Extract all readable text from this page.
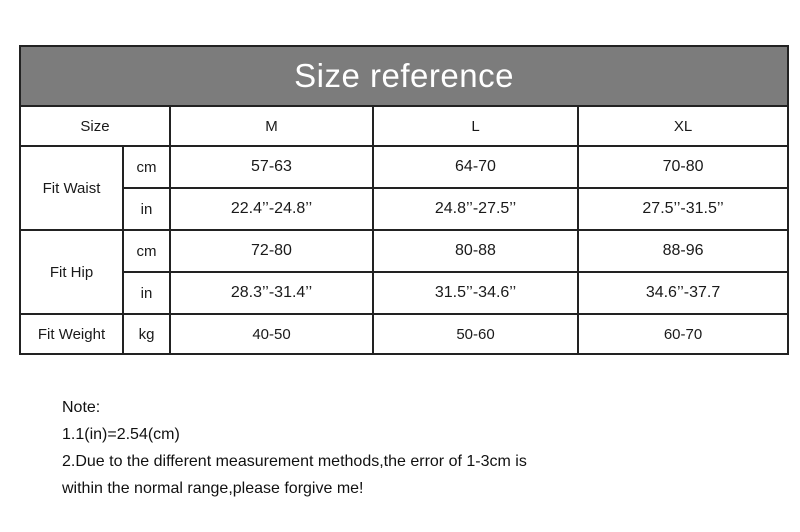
Size reference				
Size		M	L	XL
Fit Waist	cm	57-63	64-70	70-80
	in	22.4’’-24.8’’	24.8’’-27.5’’	27.5’’-31.5’’
Fit Hip	cm	72-80	80-88	88-96
	in	28.3’’-31.4’’	31.5’’-34.6’’	34.6’’-37.7
Fit Weight	kg	40-50	50-60	60-70
Note:
1.1(in)=2.54(cm)
2.Due to the different measurement methods,the error of 1-3cm is
within the normal range,please forgive me!
